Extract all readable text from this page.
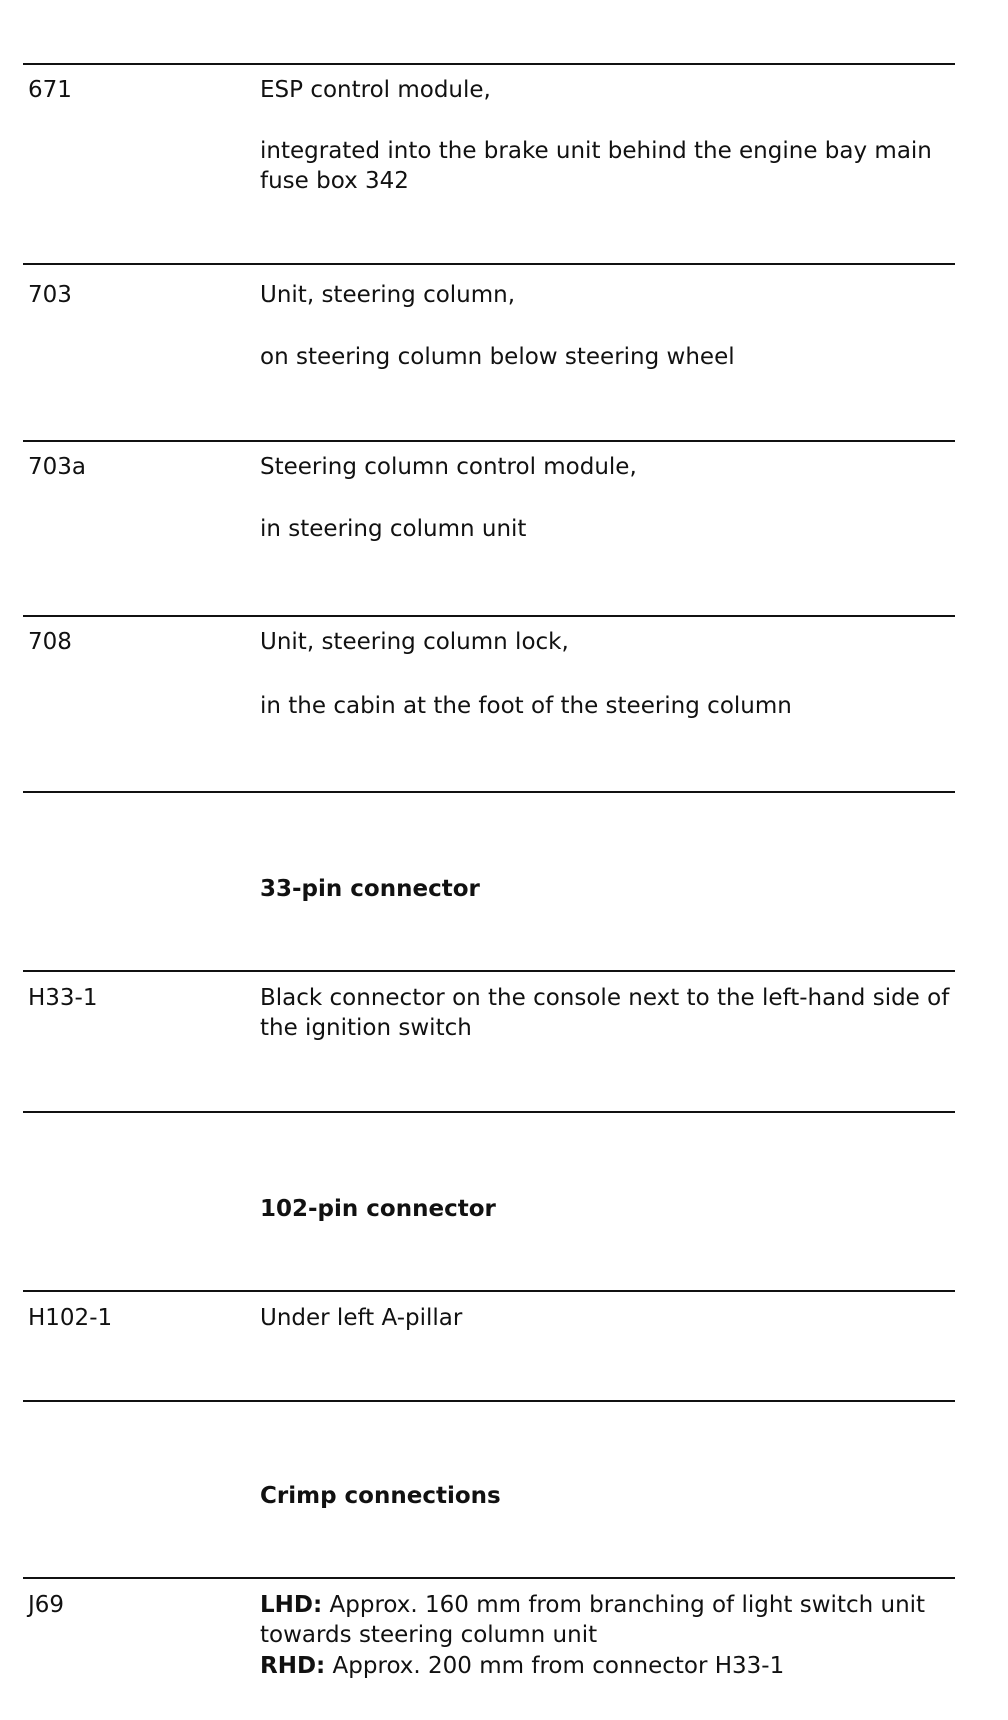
671	ESP control module,
integrated into the brake unit behind the engine bay main fuse box 342
703	Unit, steering column,
on steering column below steering wheel
703a	Steering column control module,
in steering column unit
708	Unit, steering column lock,
in the cabin at the foot of the steering column
33-pin connector
H33-1	Black connector on the console next to the left-hand side of the ignition switch
102-pin connector
H102-1	Under left A-pillar
Crimp connections
J69	LHD: Approx. 160 mm from branching of light switch unit towards steering column unit
RHD: Approx. 200 mm from connector H33-1
